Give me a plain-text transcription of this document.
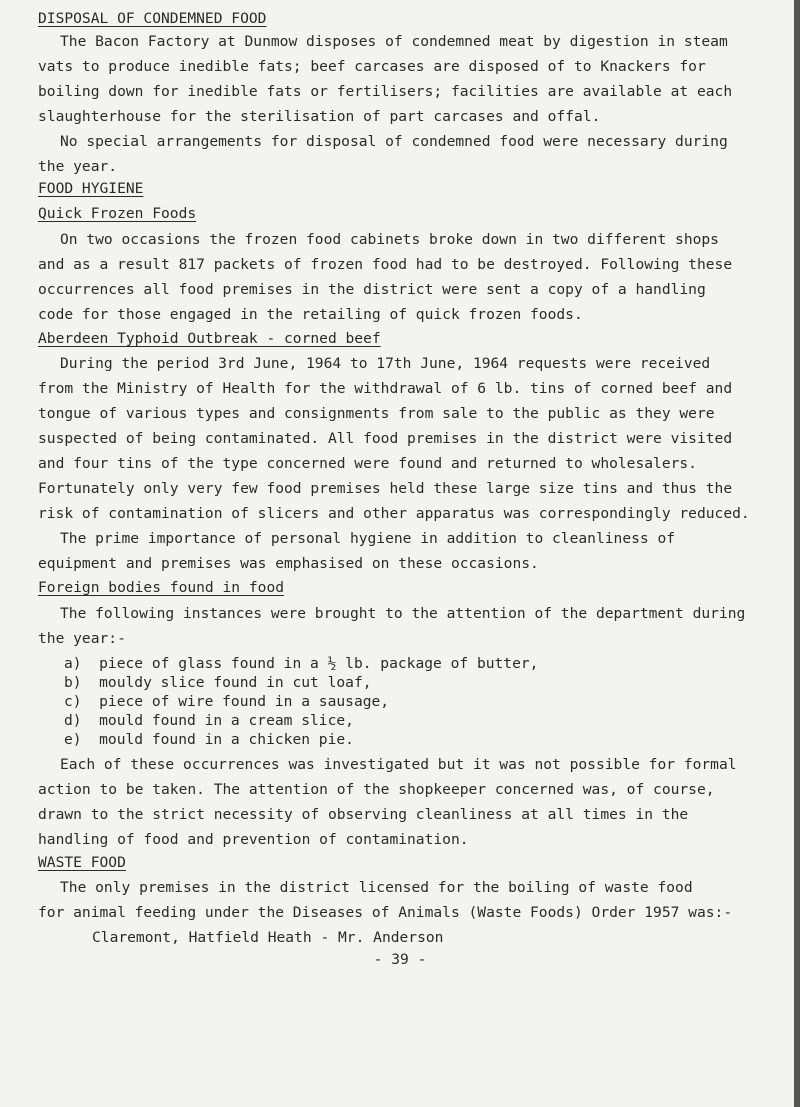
DISPOSAL OF CONDEMNED FOOD
The Bacon Factory at Dunmow disposes of condemned meat by digestion in steam
vats to produce inedible fats; beef carcases are disposed of to Knackers for
boiling down for inedible fats or fertilisers; facilities are available at each
slaughterhouse for the sterilisation of part carcases and offal.
No special arrangements for disposal of condemned food were necessary during
the year.
FOOD HYGIENE
Quick Frozen Foods
On two occasions the frozen food cabinets broke down in two different shops
and as a result 817 packets of frozen food had to be destroyed. Following these
occurrences all food premises in the district were sent a copy of a handling
code for those engaged in the retailing of quick frozen foods.
Aberdeen Typhoid Outbreak - corned beef
During the period 3rd June, 1964 to 17th June, 1964 requests were received
from the Ministry of Health for the withdrawal of 6 lb. tins of corned beef and
tongue of various types and consignments from sale to the public as they were
suspected of being contaminated. All food premises in the district were visited
and four tins of the type concerned were found and returned to wholesalers.
Fortunately only very few food premises held these large size tins and thus the
risk of contamination of slicers and other apparatus was correspondingly reduced.
The prime importance of personal hygiene in addition to cleanliness of
equipment and premises was emphasised on these occasions.
Foreign bodies found in food
The following instances were brought to the attention of the department during
the year:-
a)  piece of glass found in a ½ lb. package of butter,
b)  mouldy slice found in cut loaf,
c)  piece of wire found in a sausage,
d)  mould found in a cream slice,
e)  mould found in a chicken pie.
Each of these occurrences was investigated but it was not possible for formal
action to be taken. The attention of the shopkeeper concerned was, of course,
drawn to the strict necessity of observing cleanliness at all times in the
handling of food and prevention of contamination.
WASTE FOOD
The only premises in the district licensed for the boiling of waste food
for animal feeding under the Diseases of Animals (Waste Foods) Order 1957 was:-
Claremont, Hatfield Heath - Mr. Anderson
- 39 -
